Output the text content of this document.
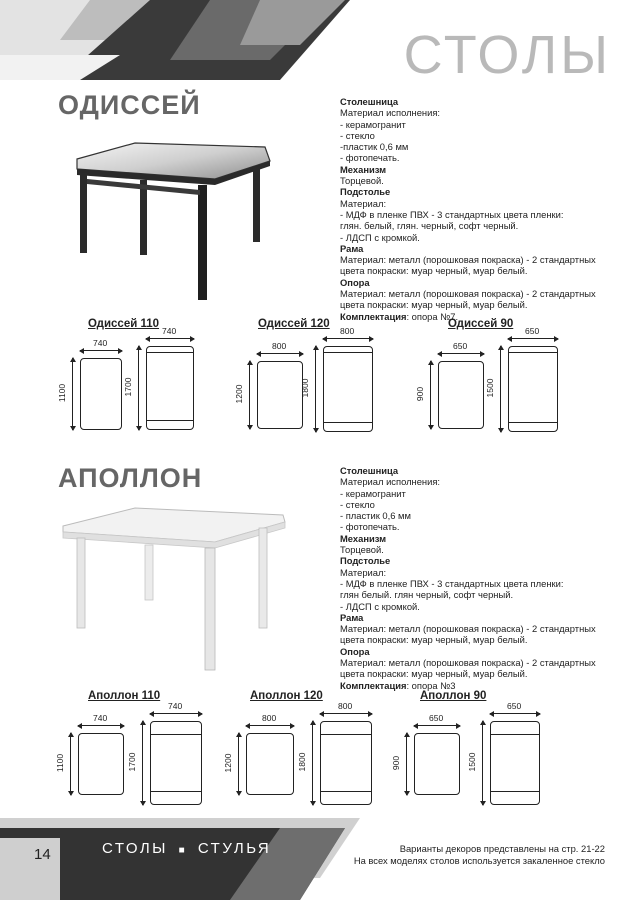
СТОЛЫ
ОДИССЕЙ	Столешница
Материал исполнения:
- керамогранит
- стекло
-пластик 0,6 мм
- фотопечать.
Механизм
Торцевой.
Подстолье
Материал:
- МДФ в пленке ПВХ - 3 стандартных цвета пленки:
глян. белый, глян. черный, софт черный.
- ЛДСП с кромкой.
Рама
Материал: металл (порошковая покраска) - 2 стандартных
цвета покраски: муар черный, муар белый.
Опора
Материал: металл (порошковая покраска) - 2 стандартных
цвета покраски: муар черный, муар белый.
Комплектация: опора №7.
Одиссей 110
740
1100
740
1700
Одиссей 120
800
1200
800
1800
Одиссей 90
650
900
650
1500
АПОЛЛОН	Столешница
Материал исполнения:
- керамогранит
- стекло
- пластик 0,6 мм
- фотопечать.
Механизм
Торцевой.
Подстолье
Материал:
- МДФ в пленке ПВХ - 3 стандартных цвета пленки:
глян белый. глян черный, софт черный.
- ЛДСП с кромкой.
Рама
Материал: металл (порошковая покраска) - 2 стандартных
цвета покраски: муар черный, муар белый.
Опора
Материал: металл (порошковая покраска) - 2 стандартных
цвета покраски: муар черный, муар белый.
Комплектация: опора №3
Аполлон 110
740
1100
740
1700
Аполлон 120
800
1200
800
1800
Аполлон 90
650
900
650
1500
14	СТОЛЫ ■ СТУЛЬЯ	Варианты декоров представлены на стр. 21-22
На всех моделях столов используется закаленное стекло
